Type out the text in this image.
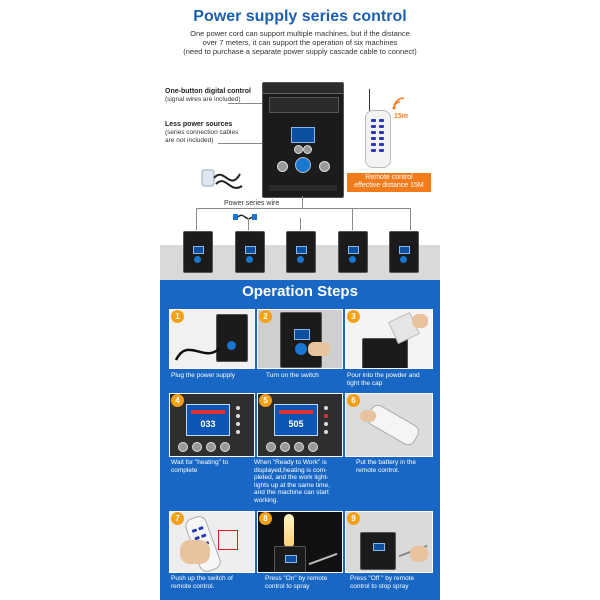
Power supply series control
One power cord can support multiple machines, but if the distance
over 7 meters, it can support the operation of six machines
(need to purchase a separate power supply cascade cable to connect)
One-button digital control
(signal wires are included)
Less power sources
(series connection cables
are not included)
15m
Remote control
effective distance 15M
Power series wire
Operation Steps
1	2	3
Plug the power supply	Turn on the switch	Pour into the powder and
tight the cap
033
4
505
5	6
Wait for "heating" to
complete
When "Ready to Work" is
displayed,heating is com-
pleted, and the work light-
lights up at the same time,
and the machine can start
working.
Put the battery in the
remote control.
7	8	9
Push up the switch of
remote control.
Press "On" by remote
control to spray
Press "Off " by remote
control to stop spray
